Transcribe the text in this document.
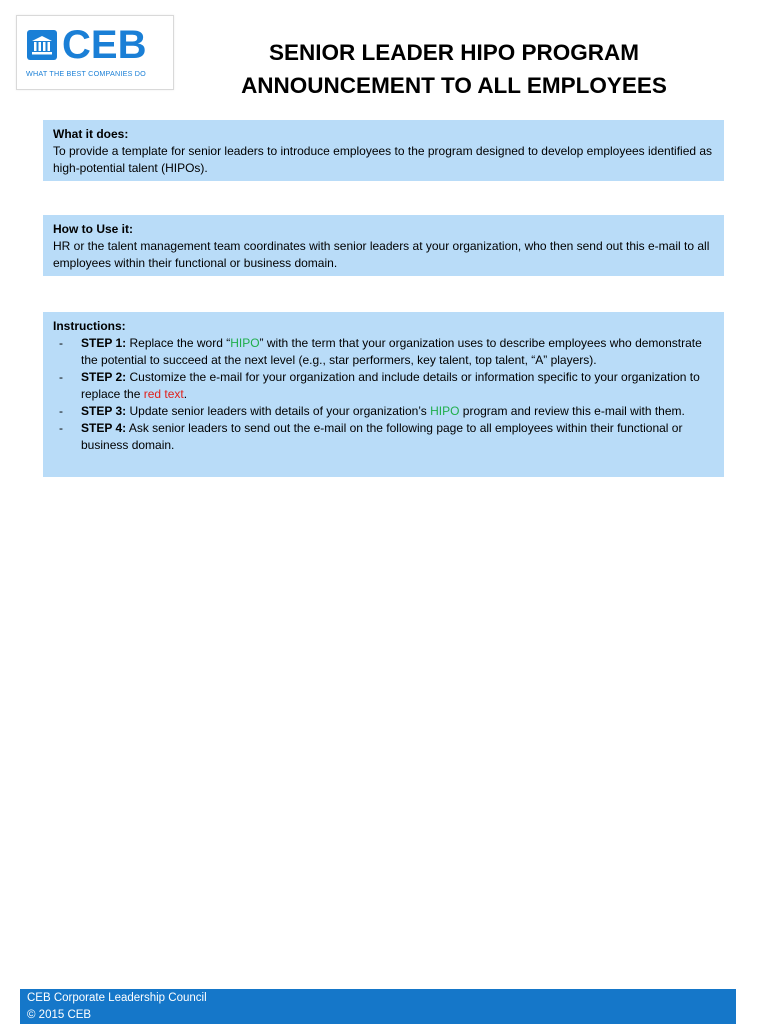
CEB
WHAT THE BEST COMPANIES DO
SENIOR LEADER HIPO PROGRAM
ANNOUNCEMENT TO ALL EMPLOYEES
What it does:

To provide a template for senior leaders to introduce employees to the program designed to develop employees identified as high-potential talent (HIPOs).

How to Use it:

HR or the talent management team coordinates with senior leaders at your organization, who then send out this e-mail to all employees within their functional or business domain.

Instructions:
- STEP 1: Replace the word “HIPO” with the term that your organization uses to describe employees who demonstrate the potential to succeed at the next level (e.g., star performers, key talent, top talent, “A” players).
- STEP 2: Customize the e-mail for your organization and include details or information specific to your organization to replace the red text.
- STEP 3: Update senior leaders with details of your organization’s HIPO program and review this e-mail with them.
- STEP 4: Ask senior leaders to send out the e-mail on the following page to all employees within their functional or business domain.
CEB Corporate Leadership Council
© 2015 CEB
